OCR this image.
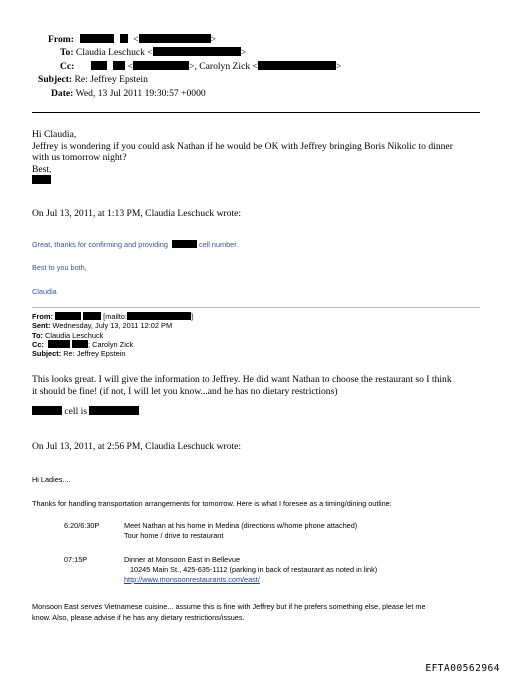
From:	<	>
To: Claudia Leschuck <	>
Cc:	<	>, Carolyn Zick <	>
Subject: Re: Jeffrey Epstein
Date: Wed, 13 Jul 2011 19:30:57 +0000

Hi Claudia,

Jeffrey is wondering if you could ask Nathan if he would be OK with Jeffrey bringing Boris Nikolic to dinner

with us tomorrow night?

Best,

On Jul 13, 2011, at 1:13 PM, Claudia Leschuck wrote:
Great, thanks for confirming and providing	cell number.
Best to you both,
Claudia

From:	[mailto:	]

Sent: Wednesday, July 13, 2011 12:02 PM

To: Claudia Leschuck

Cc:	; Carolyn Zick

Subject: Re: Jeffrey Epstein

This looks great. I will give the information to Jeffrey. He did want Nathan to choose the restaurant so I think

it should be fine! (if not, I will let you know...and he has no dietary restrictions)

cell is
On Jul 13, 2011, at 2:56 PM, Claudia Leschuck wrote:
Hi Ladies....
Thanks for handling transportation arrangements for tomorrow. Here is what I foresee as a timing/dining outline:
6:20/6:30P	Meet Nathan at his home in Medina (directions w/home phone attached)

Tour home / drive to restaurant

07:15P	Dinner at Monsoon East in Bellevue

10245 Main St., 425-635-1112 (parking in back of restaurant as noted in link)

http://www.monsoonrestaurants.com/east/

Monsoon East serves Vietnamese cuisine... assume this is fine with Jeffrey but if he prefers something else, please let me

know. Also, please advise if he has any dietary restrictions/issues.

EFTA00562964
